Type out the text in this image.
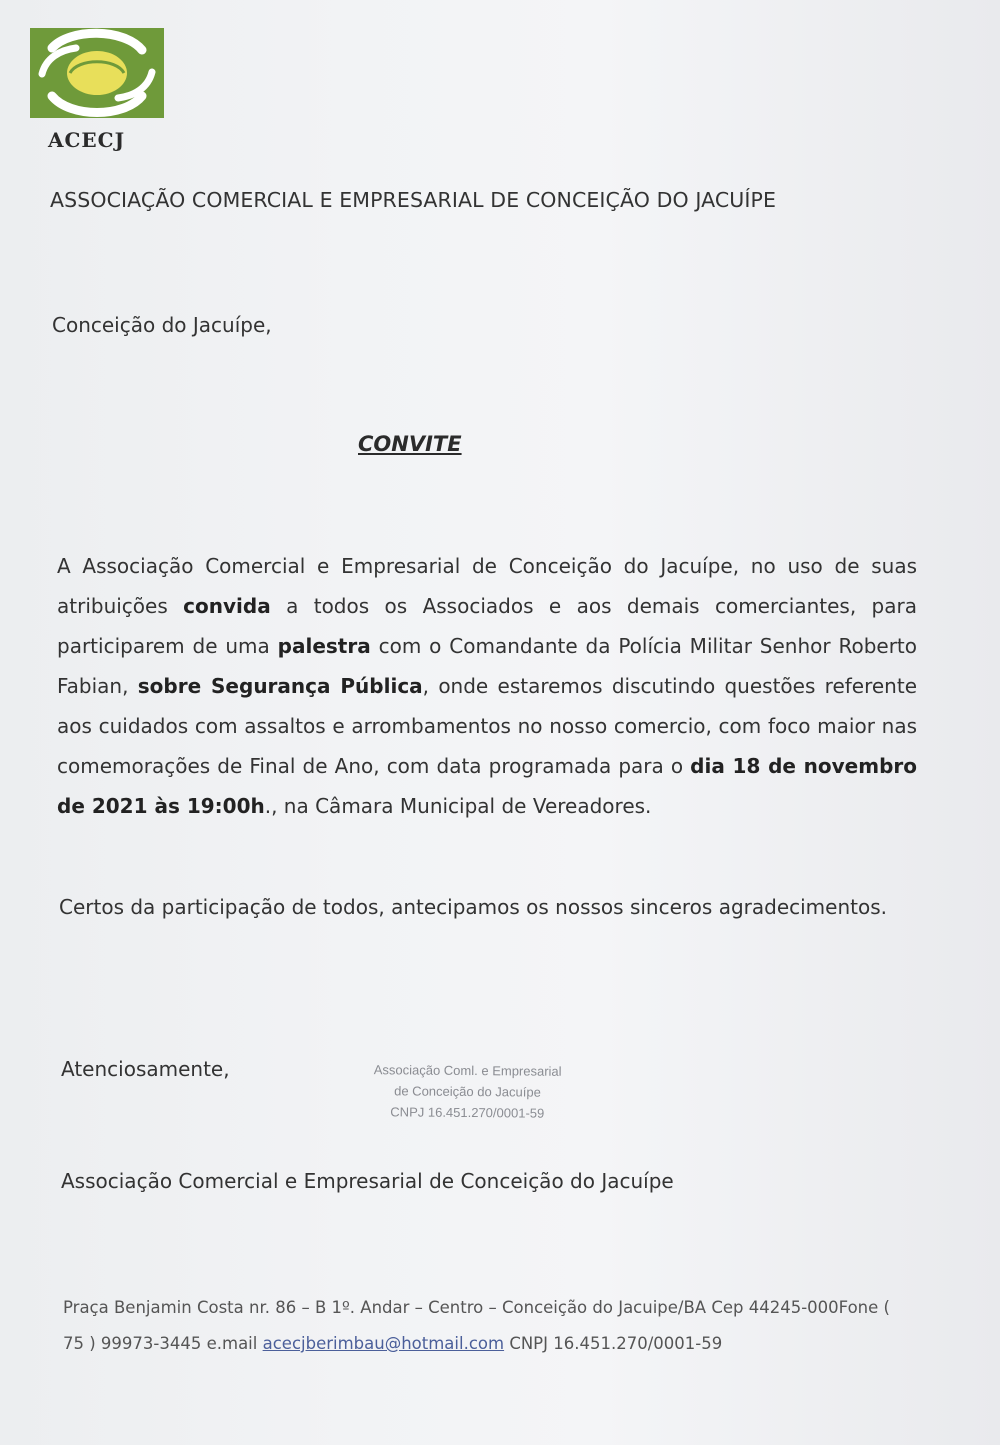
ACECJ
ASSOCIAÇÃO COMERCIAL E EMPRESARIAL DE CONCEIÇÃO DO JACUÍPE
Conceição do Jacuípe,
CONVITE
A Associação Comercial e Empresarial de Conceição do Jacuípe, no uso de suas atribuições convida a todos os Associados e aos demais comerciantes, para participarem de uma palestra com o Comandante da Polícia Militar Senhor Roberto Fabian, sobre Segurança Pública, onde estaremos discutindo questões referente aos cuidados com assaltos e arrombamentos no nosso comercio, com foco maior nas comemorações de Final de Ano, com data programada para o dia 18 de novembro de 2021 às 19:00h., na Câmara Municipal de Vereadores.
Certos da participação de todos, antecipamos os nossos sinceros agradecimentos.
Atenciosamente,	Associação Coml. e Empresarial
de Conceição do Jacuípe
CNPJ 16.451.270/0001-59
Associação Comercial e Empresarial de Conceição do Jacuípe
Praça Benjamin Costa nr. 86 – B 1º. Andar – Centro – Conceição do Jacuipe/BA Cep 44245-000Fone ( 75 ) 99973-3445 e.mail acecjberimbau@hotmail.com CNPJ 16.451.270/0001-59
